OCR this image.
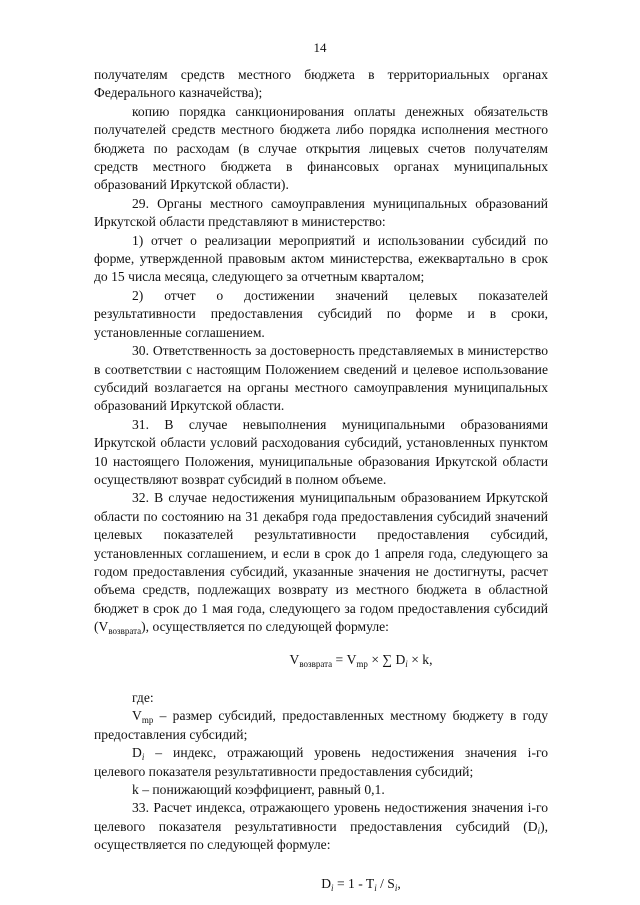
14

получателям средств местного бюджета в территориальных органах Федерального казначейства);

копию порядка санкционирования оплаты денежных обязательств получателей средств местного бюджета либо порядка исполнения местного бюджета по расходам (в случае открытия лицевых счетов получателям средств местного бюджета в финансовых органах муниципальных образований Иркутской области).

29. Органы местного самоуправления муниципальных образований Иркутской области представляют в министерство:

1) отчет о реализации мероприятий и использовании субсидий по форме, утвержденной правовым актом министерства, ежеквартально в срок до 15 числа месяца, следующего за отчетным кварталом;

2) отчет о достижении значений целевых показателей результативности предоставления субсидий по форме и в сроки, установленные соглашением.

30. Ответственность за достоверность представляемых в министерство в соответствии с настоящим Положением сведений и целевое использование субсидий возлагается на органы местного самоуправления муниципальных образований Иркутской области.

31. В случае невыполнения муниципальными образованиями Иркутской области условий расходования субсидий, установленных пунктом 10 настоящего Положения, муниципальные образования Иркутской области осуществляют возврат субсидий в полном объеме.

32. В случае недостижения муниципальным образованием Иркутской области по состоянию на 31 декабря года предоставления субсидий значений целевых показателей результативности предоставления субсидий, установленных соглашением, и если в срок до 1 апреля года, следующего за годом предоставления субсидий, указанные значения не достигнуты, расчет объема средств, подлежащих возврату из местного бюджета в областной бюджет в срок до 1 мая года, следующего за годом предоставления субсидий $(V_{возврата})$, осуществляется по следующей формуле:

$V_{возврата} = V_{mp}$ × ∑ $D_i \times k$,

где:

$V_{mp}$ – размер субсидий, предоставленных местному бюджету в году предоставления субсидий;

$D_i$ – индекс, отражающий уровень недостижения значения i-го целевого показателя результативности предоставления субсидий;

k – понижающий коэффициент, равный 0,1.

33. Расчет индекса, отражающего уровень недостижения значения i-го целевого показателя результативности предоставления субсидий $(D_i)$, осуществляется по следующей формуле:

$D_i = 1 - T_i / S_i$,
